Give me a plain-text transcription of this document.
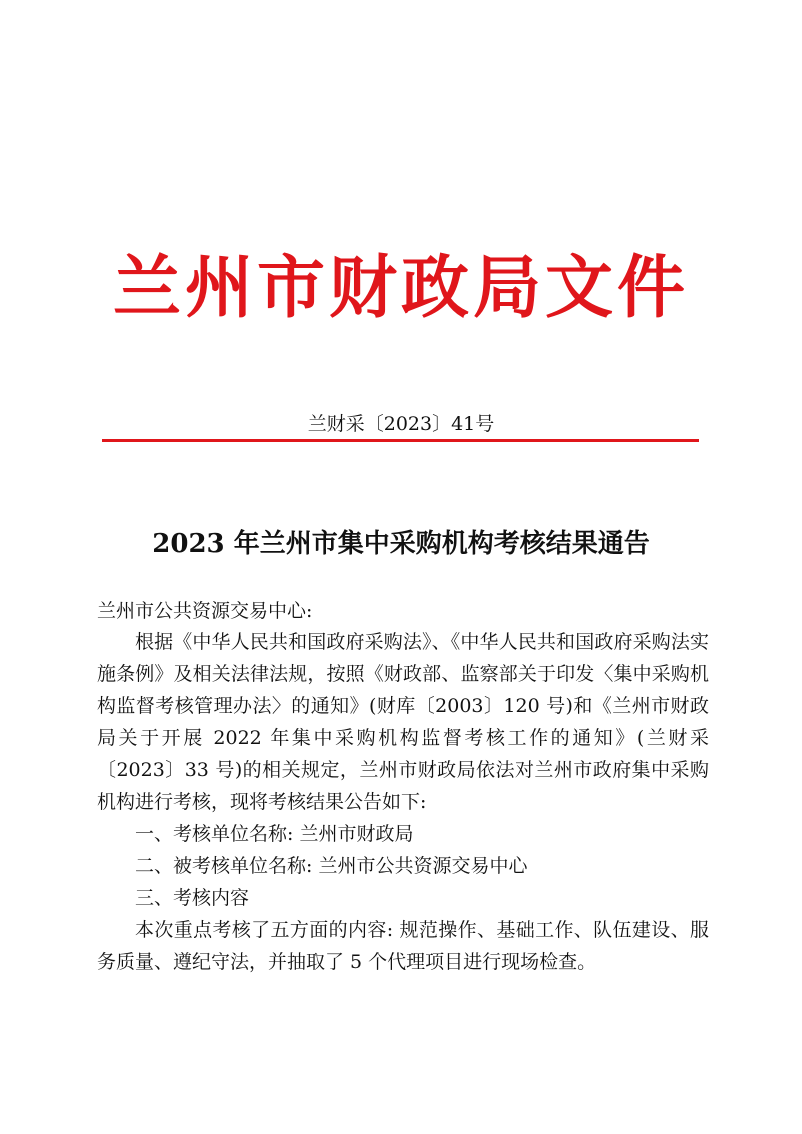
兰州市财政局文件
兰财采〔2023〕41号
2023 年兰州市集中采购机构考核结果通告
兰州市公共资源交易中心:

根据《中华人民共和国政府采购法》、《中华人民共和国政府采购法实施条例》及相关法律法规，按照《财政部、监察部关于印发〈集中采购机构监督考核管理办法〉的通知》(财库〔2003〕120 号)和《兰州市财政局关于开展 2022 年集中采购机构监督考核工作的通知》(兰财采〔2023〕33 号)的相关规定，兰州市财政局依法对兰州市政府集中采购机构进行考核，现将考核结果公告如下:

一、考核单位名称: 兰州市财政局

二、被考核单位名称: 兰州市公共资源交易中心

三、考核内容

本次重点考核了五方面的内容: 规范操作、基础工作、队伍建设、服务质量、遵纪守法，并抽取了 5 个代理项目进行现场检查。
